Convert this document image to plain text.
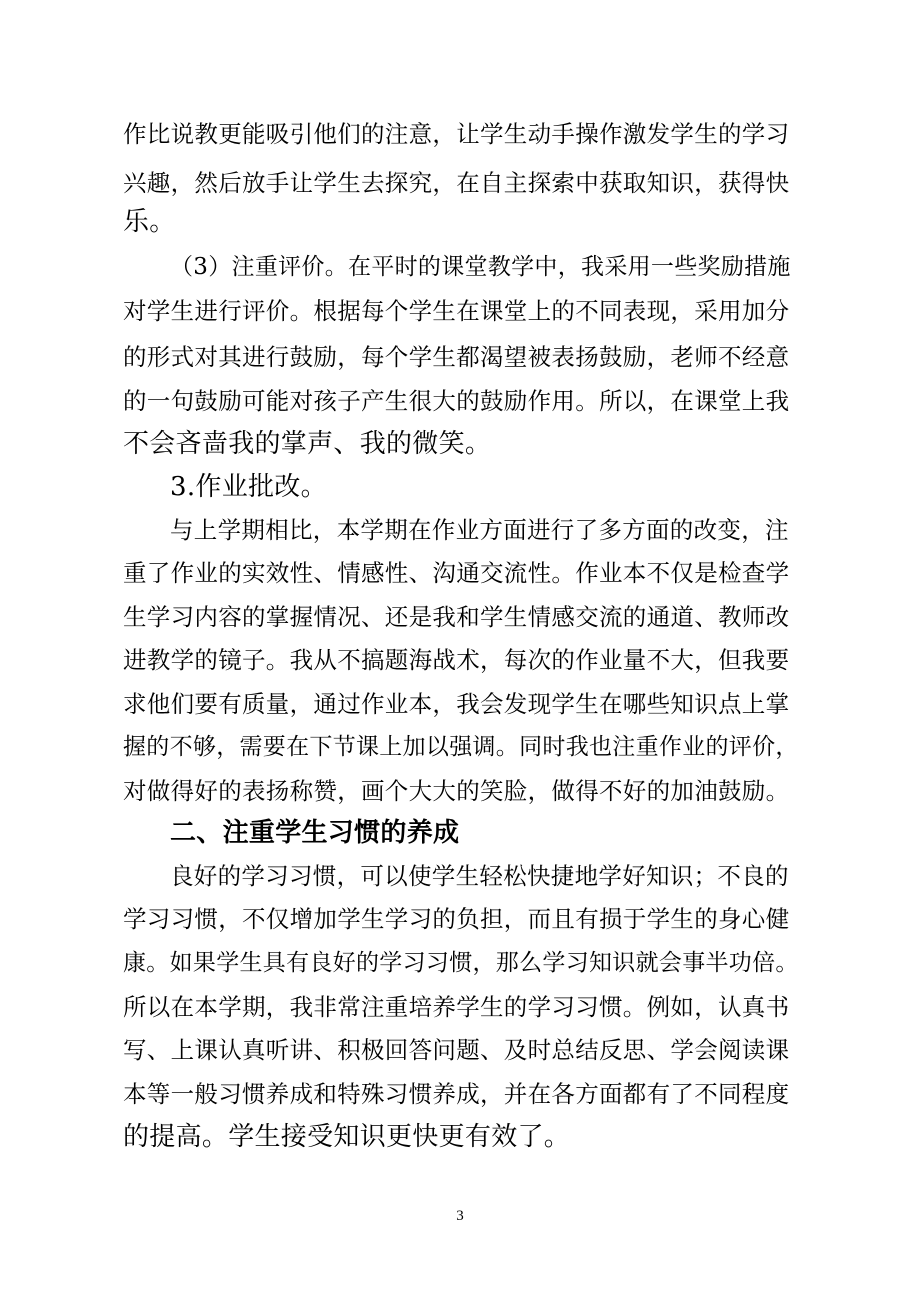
作比说教更能吸引他们的注意，让学生动手操作激发学生的学习
兴趣，然后放手让学生去探究，在自主探索中获取知识，获得快
乐。
（3）注重评价。在平时的课堂教学中，我采用一些奖励措施
对学生进行评价。根据每个学生在课堂上的不同表现，采用加分
的形式对其进行鼓励，每个学生都渴望被表扬鼓励，老师不经意
的一句鼓励可能对孩子产生很大的鼓励作用。所以，在课堂上我
不会吝啬我的掌声、我的微笑。
3.作业批改。
与上学期相比，本学期在作业方面进行了多方面的改变，注
重了作业的实效性、情感性、沟通交流性。作业本不仅是检查学
生学习内容的掌握情况、还是我和学生情感交流的通道、教师改
进教学的镜子。我从不搞题海战术，每次的作业量不大，但我要
求他们要有质量，通过作业本，我会发现学生在哪些知识点上掌
握的不够，需要在下节课上加以强调。同时我也注重作业的评价，
对做得好的表扬称赞，画个大大的笑脸，做得不好的加油鼓励。
二、注重学生习惯的养成
良好的学习习惯，可以使学生轻松快捷地学好知识；不良的
学习习惯，不仅增加学生学习的负担，而且有损于学生的身心健
康。如果学生具有良好的学习习惯，那么学习知识就会事半功倍。
所以在本学期，我非常注重培养学生的学习习惯。例如，认真书
写、上课认真听讲、积极回答问题、及时总结反思、学会阅读课
本等一般习惯养成和特殊习惯养成，并在各方面都有了不同程度
的提高。学生接受知识更快更有效了。
3
